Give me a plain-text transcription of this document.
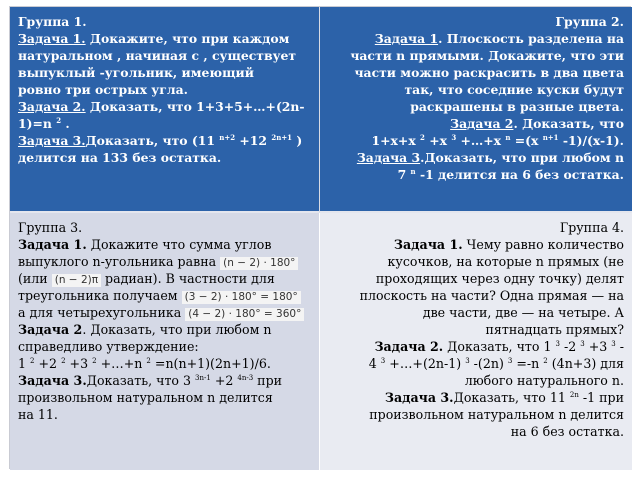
Группа 1.
Задача 1. Докажите, что при каждом
натуральном , начиная с , существует
выпуклый -угольник, имеющий
ровно три острых угла.
Задача 2. Доказать, что 1+3+5+…+(2n-
1)=n $^2$ .
Задача 3.Доказать, что (11 $^{n+2}$ +12 $^{2n+1}$ )
делится на 133 без остатка.
Группа 2.
Задача 1. Плоскость разделена на
части n прямыми. Докажите, что эти
части можно раскрасить в два цвета
так, что соседние куски будут
раскрашены в разные цвета.
Задача 2. Доказать, что
1+x+x $^2$ +x $^3$ +…+x $^n$ =(x $^{n+1}$ -1)/(x-1).
Задача 3.Доказать, что при любом n
7 $^n$ -1 делится на 6 без остатка.
Группа 3.
Задача 1. Докажите что сумма углов
выпуклого n-угольника равна (n − 2) · 180°
(или (n − 2)π радиан). В частности для
треугольника получаем (3 − 2) · 180° = 180°
а для четырехугольника (4 − 2) · 180° = 360°
Задача 2. Доказать, что при любом n
справедливо утверждение:
1 $^2$ +2 $^2$ +3 $^2$ +…+n $^2$ =n(n+1)(2n+1)/6.
Задача 3.Доказать, что 3 $^{3n-1}$ +2 $^{4n-3}$ при
произвольном натуральном n делится
на 11.
Группа 4.
Задача 1. Чему равно количество
кусочков, на которые n прямых (не
проходящих через одну точку) делят
плоскость на части? Одна прямая — на
две части, две — на четыре. А
пятнадцать прямых?
Задача 2. Доказать, что 1 $^3$ -2 $^3$ +3 $^3$ -
4 $^3$ +…+(2n-1) $^3$ -(2n) $^3$ =-n $^2$ (4n+3) для
любого натурального n.
Задача 3.Доказать, что 11 $^{2n}$ -1 при
произвольном натуральном n делится
на 6 без остатка.
